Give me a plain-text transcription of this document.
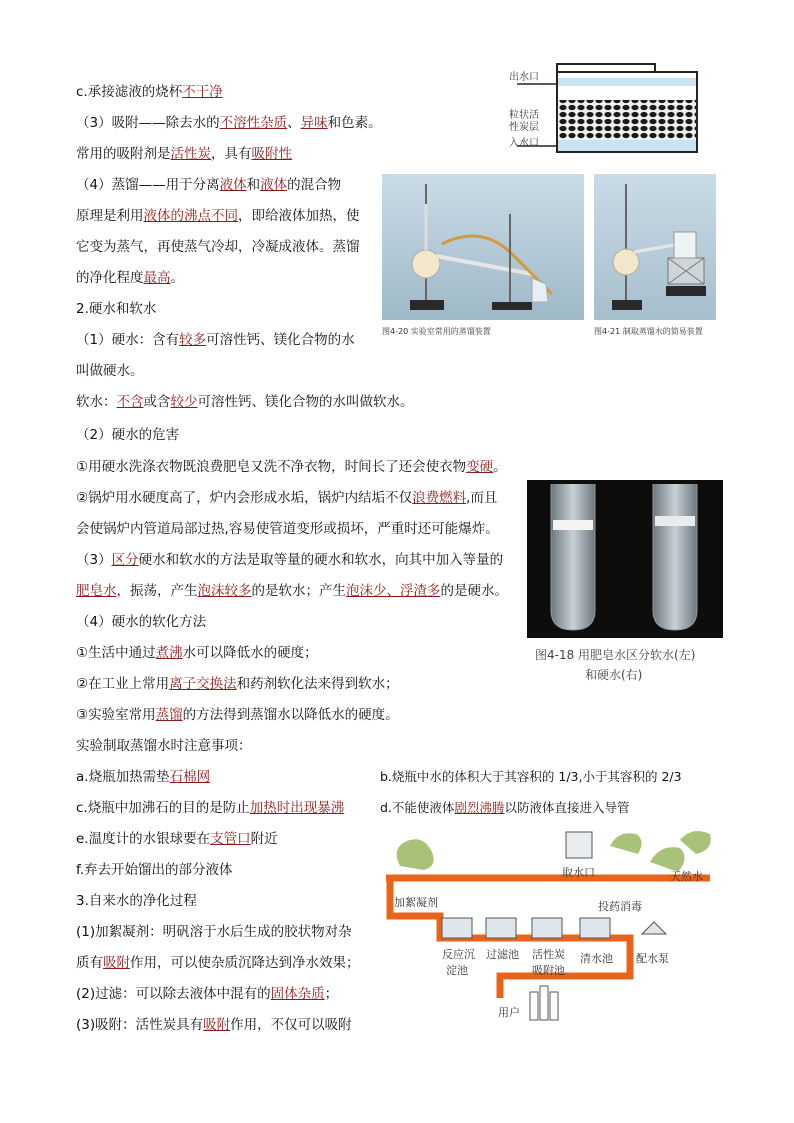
c.承接滤液的烧杯不干净
（3）吸附——除去水的不溶性杂质、异味和色素。
常用的吸附剂是活性炭，具有吸附性
（4）蒸馏——用于分离液体和液体的混合物
原理是利用液体的沸点不同，即给液体加热，使
它变为蒸气，再使蒸气冷却，冷凝成液体。蒸馏
的净化程度最高。
2.硬水和软水
（1）硬水：含有较多可溶性钙、镁化合物的水
叫做硬水。
软水：不含或含较少可溶性钙、镁化合物的水叫做软水。
（2）硬水的危害
①用硬水洗涤衣物既浪费肥皂又洗不净衣物，时间长了还会使衣物变硬。
②锅炉用水硬度高了，炉内会形成水垢，锅炉内结垢不仅浪费燃料,而且
会使锅炉内管道局部过热,容易使管道变形或损坏，严重时还可能爆炸。
（3）区分硬水和软水的方法是取等量的硬水和软水，向其中加入等量的
肥皂水，振荡，产生泡沫较多的是软水；产生泡沫少、浮渣多的是硬水。
（4）硬水的软化方法
①生活中通过煮沸水可以降低水的硬度；
②在工业上常用离子交换法和药剂软化法来得到软水；
③实验室常用蒸馏的方法得到蒸馏水以降低水的硬度。
实验制取蒸馏水时注意事项：
a.烧瓶加热需垫石棉网	b.烧瓶中水的体积大于其容积的 1/3,小于其容积的 2/3
c.烧瓶中加沸石的目的是防止加热时出现暴沸	d.不能使液体剧烈沸腾以防液体直接进入导管
e.温度计的水银球要在支管口附近
f.弃去开始馏出的部分液体
3.自来水的净化过程
(1)加絮凝剂：明矾溶于水后生成的胶状物对杂
质有吸附作用，可以使杂质沉降达到净水效果；
(2)过滤：可以除去液体中混有的固体杂质；
(3)吸附：活性炭具有吸附作用，不仅可以吸附
出水口
粒状活
性炭层
入水口
图4-20 实验室常用的蒸馏装置	图4-21 制取蒸馏水的简易装置
图4-18 用肥皂水区分软水(左)
和硬水(右)
取水口	天然水
加絮凝剂	投药消毒
反应沉
淀池
过滤池 活性炭
吸附池
清水池 配水泵
用户
